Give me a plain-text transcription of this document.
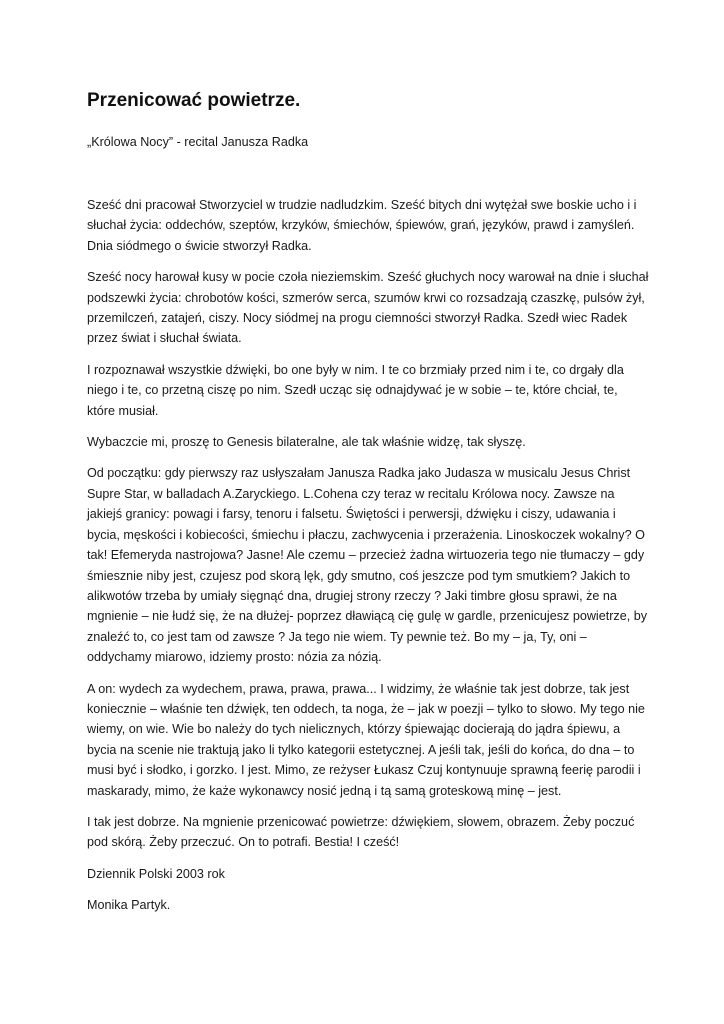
Przenicować powietrze.

„Królowa Nocy” - recital Janusza Radka

Sześć dni pracował Stworzyciel w trudzie nadludzkim. Sześć bitych dni wytężał swe boskie ucho i i słuchał życia: oddechów, szeptów, krzyków, śmiechów, śpiewów, grań, języków, prawd i zamyśleń. Dnia siódmego o świcie stworzył Radka.

Sześć nocy harował kusy w pocie czoła nieziemskim. Sześć głuchych nocy warował na dnie i słuchał podszewki życia: chrobotów kości, szmerów serca, szumów krwi co rozsadzają czaszkę, pulsów żył, przemilczeń, zatajeń, ciszy. Nocy siódmej na progu ciemności stworzył Radka. Szedł wiec Radek przez świat i słuchał świata.

I rozpoznawał wszystkie dźwięki, bo one były w nim. I te co brzmiały przed nim i te, co drgały dla niego i te, co przetną ciszę po nim. Szedł ucząc się odnajdywać je w sobie – te, które chciał, te, które musiał.

Wybaczcie mi, proszę to Genesis bilateralne, ale tak właśnie widzę, tak słyszę.

Od początku: gdy pierwszy raz usłyszałam Janusza Radka jako Judasza w musicalu Jesus Christ Supre Star, w balladach A.Zaryckiego. L.Cohena czy teraz w recitalu Królowa nocy. Zawsze na jakiejś granicy: powagi i farsy, tenoru i falsetu. Świętości i perwersji, dźwięku i ciszy, udawania i bycia, męskości i kobiecości, śmiechu i płaczu, zachwycenia i przerażenia. Linoskoczek wokalny? O tak! Efemeryda nastrojowa? Jasne! Ale czemu – przecież żadna wirtuozeria tego nie tłumaczy – gdy śmiesznie niby jest, czujesz pod skorą lęk, gdy smutno, coś jeszcze pod tym smutkiem? Jakich to alikwotów trzeba by umiały sięgnąć dna, drugiej strony rzeczy ? Jaki timbre głosu sprawi, że na mgnienie – nie łudź się, że na dłużej- poprzez dławiącą cię gulę w gardle, przenicujesz powietrze, by znaleźć to, co jest tam od zawsze ? Ja tego nie wiem. Ty pewnie też. Bo my – ja, Ty, oni – oddychamy miarowo, idziemy prosto: nózia za nózią.

A on: wydech za wydechem, prawa, prawa, prawa... I widzimy, że właśnie tak jest dobrze, tak jest koniecznie – właśnie ten dźwięk, ten oddech, ta noga, że – jak w poezji – tylko to słowo. My tego nie wiemy, on wie. Wie bo należy do tych nielicznych, którzy śpiewając docierają do jądra śpiewu, a bycia na scenie nie traktują jako li tylko kategorii estetycznej. A jeśli tak, jeśli do końca, do dna – to musi być i słodko, i gorzko. I jest. Mimo, ze reżyser Łukasz Czuj kontynuuje sprawną feerię parodii i maskarady, mimo, że każe wykonawcy nosić jedną i tą samą groteskową minę – jest.

I tak jest dobrze. Na mgnienie przenicować powietrze: dźwiękiem, słowem, obrazem. Żeby poczuć pod skórą. Żeby przeczuć. On to potrafi. Bestia! I cześć!

Dziennik Polski 2003 rok

Monika Partyk.
